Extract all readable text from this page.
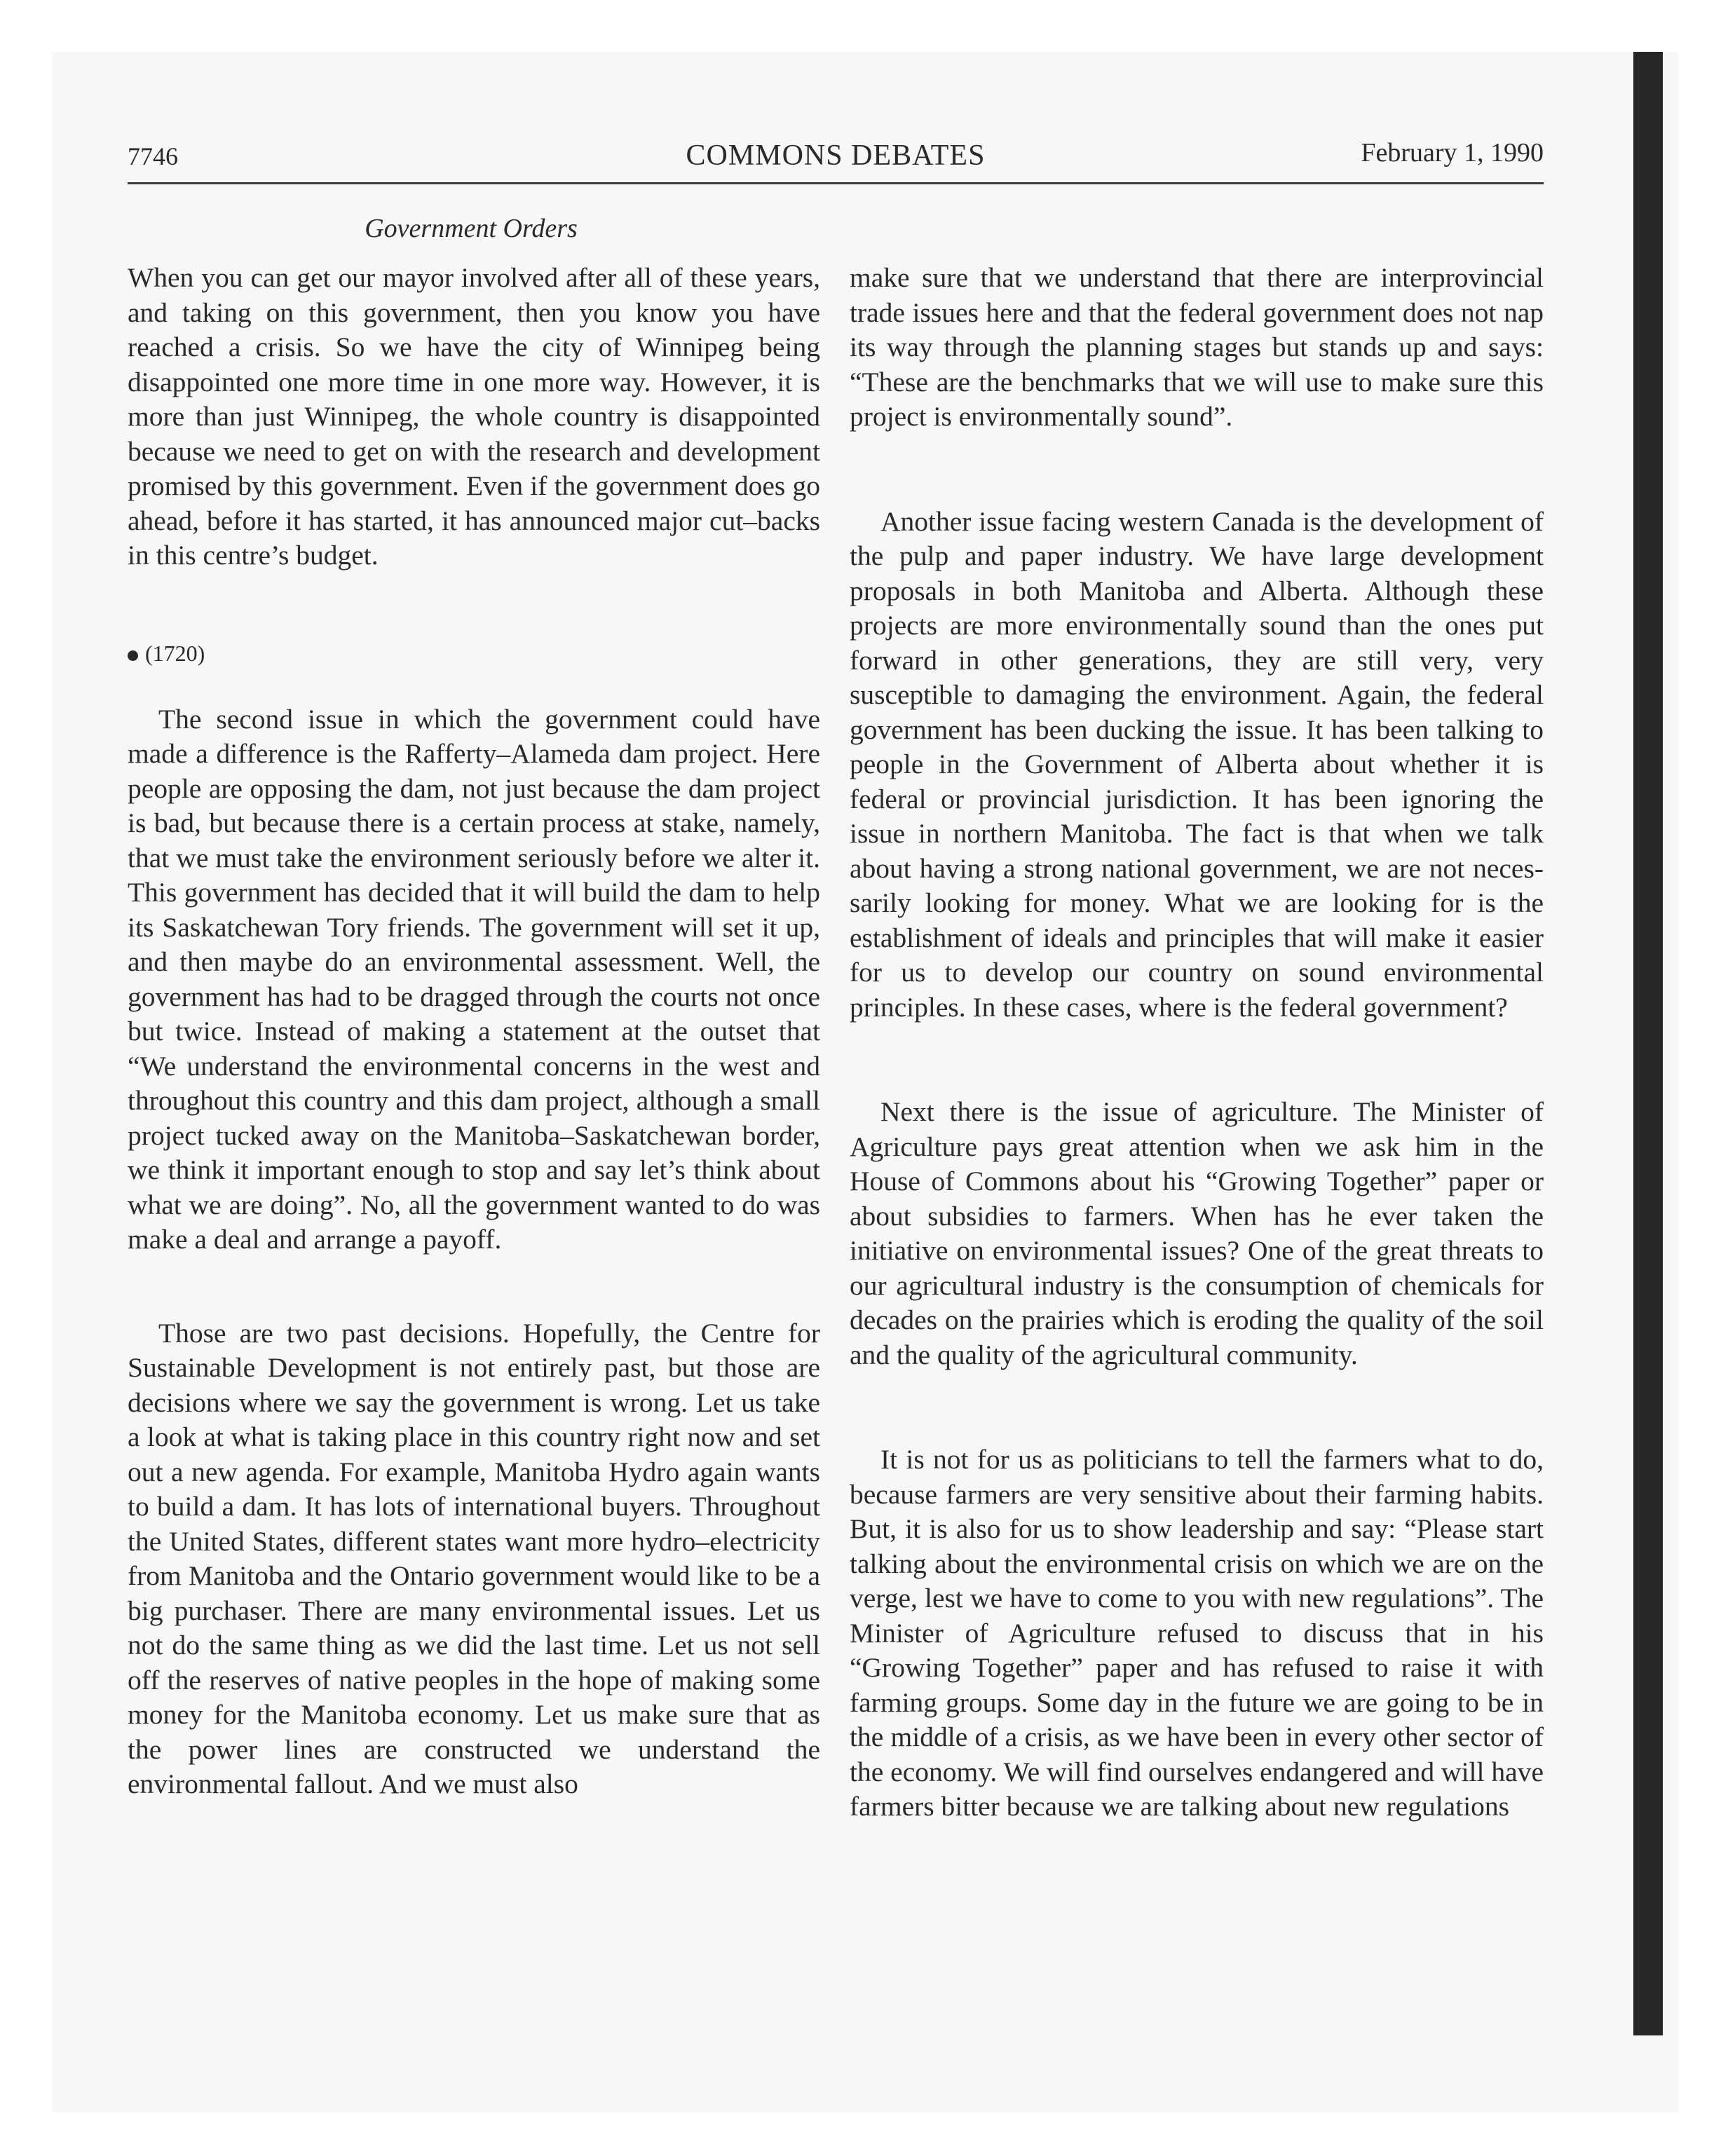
7746	COMMONS DEBATES	February 1, 1990
Government Orders

When you can get our mayor involved after all of these years, and taking on this government, then you know you have reached a crisis. So we have the city of Winnipeg being disappointed one more time in one more way. However, it is more than just Winnipeg, the whole country is disappointed because we need to get on with the research and development promised by this government. Even if the government does go ahead, before it has started, it has announced major cut–backs in this centre’s budget.

(1720)

The second issue in which the government could have made a difference is the Rafferty–Alameda dam project. Here people are opposing the dam, not just because the dam project is bad, but because there is a certain process at stake, namely, that we must take the environment seriously before we alter it. This government has decided that it will build the dam to help its Saskatchewan Tory friends. The government will set it up, and then maybe do an environmental assessment. Well, the government has had to be dragged through the courts not once but twice. Instead of making a statement at the outset that “We understand the environmental concerns in the west and throughout this country and this dam project, although a small project tucked away on the Manitoba–Saskatchewan border, we think it important enough to stop and say let’s think about what we are doing”. No, all the government wanted to do was make a deal and arrange a payoff.

Those are two past decisions. Hopefully, the Centre for Sustainable Development is not entirely past, but those are decisions where we say the government is wrong. Let us take a look at what is taking place in this country right now and set out a new agenda. For example, Manitoba Hydro again wants to build a dam. It has lots of international buyers. Throughout the United States, different states want more hydro–electricity from Manitoba and the Ontario government would like to be a big purchaser. There are many environmental issues. Let us not do the same thing as we did the last time. Let us not sell off the reserves of native peoples in the hope of making some money for the Manitoba economy. Let us make sure that as the power lines are constructed we understand the environmental fallout. And we must also

make sure that we understand that there are interprovincial trade issues here and that the federal government does not nap its way through the planning stages but stands up and says: “These are the benchmarks that we will use to make sure this project is environmentally sound”.

Another issue facing western Canada is the development of the pulp and paper industry. We have large development proposals in both Manitoba and Alberta. Although these projects are more environmentally sound than the ones put forward in other generations, they are still very, very susceptible to damaging the environment. Again, the federal government has been ducking the issue. It has been talking to people in the Government of Alberta about whether it is federal or provincial jurisdiction. It has been ignoring the issue in northern Manitoba. The fact is that when we talk about having a strong national government, we are not necessarily looking for money. What we are looking for is the establishment of ideals and principles that will make it easier for us to develop our country on sound environmental principles. In these cases, where is the federal government?

Next there is the issue of agriculture. The Minister of Agriculture pays great attention when we ask him in the House of Commons about his “Growing Together” paper or about subsidies to farmers. When has he ever taken the initiative on environmental issues? One of the great threats to our agricultural industry is the consumption of chemicals for decades on the prairies which is eroding the quality of the soil and the quality of the agricultural community.

It is not for us as politicians to tell the farmers what to do, because farmers are very sensitive about their farming habits. But, it is also for us to show leadership and say: “Please start talking about the environmental crisis on which we are on the verge, lest we have to come to you with new regulations”. The Minister of Agriculture refused to discuss that in his “Growing Together” paper and has refused to raise it with farming groups. Some day in the future we are going to be in the middle of a crisis, as we have been in every other sector of the economy. We will find ourselves endangered and will have farmers bitter because we are talking about new regulations
